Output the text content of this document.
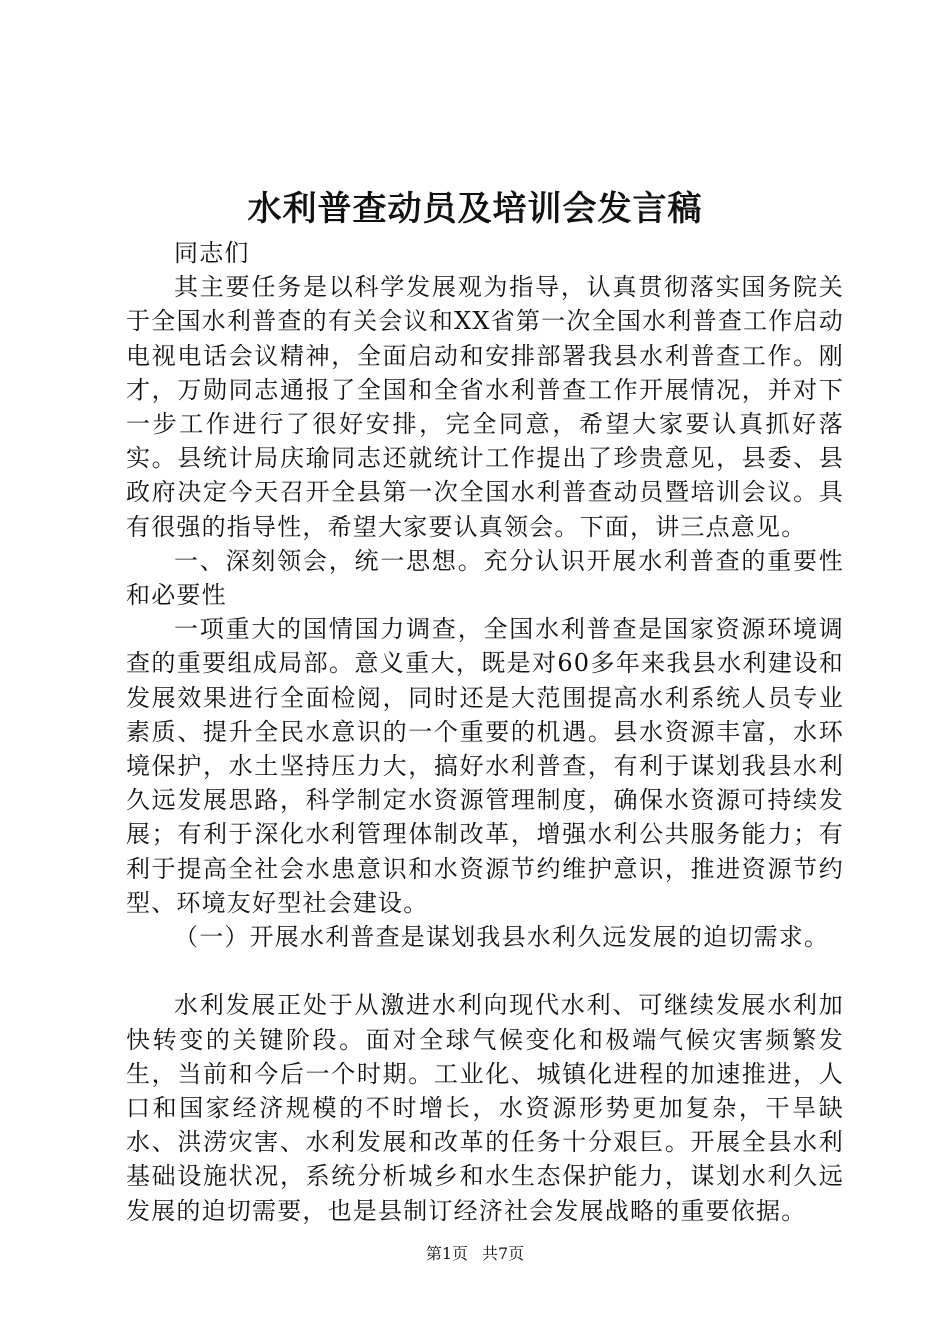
水利普查动员及培训会发言稿

同志们

其主要任务是以科学发展观为指导，认真贯彻落实国务院关于全国水利普查的有关会议和XX省第一次全国水利普查工作启动电视电话会议精神，全面启动和安排部署我县水利普查工作。刚才，万勋同志通报了全国和全省水利普查工作开展情况，并对下一步工作进行了很好安排，完全同意，希望大家要认真抓好落实。县统计局庆瑜同志还就统计工作提出了珍贵意见，县委、县政府决定今天召开全县第一次全国水利普查动员暨培训会议。具有很强的指导性，希望大家要认真领会。下面，讲三点意见。

一、深刻领会，统一思想。充分认识开展水利普查的重要性和必要性

一项重大的国情国力调查，全国水利普查是国家资源环境调查的重要组成局部。意义重大，既是对60多年来我县水利建设和发展效果进行全面检阅，同时还是大范围提高水利系统人员专业素质、提升全民水意识的一个重要的机遇。县水资源丰富，水环境保护，水土坚持压力大，搞好水利普查，有利于谋划我县水利久远发展思路，科学制定水资源管理制度，确保水资源可持续发展；有利于深化水利管理体制改革，增强水利公共服务能力；有利于提高全社会水患意识和水资源节约维护意识，推进资源节约型、环境友好型社会建设。

（一）开展水利普查是谋划我县水利久远发展的迫切需求。

水利发展正处于从激进水利向现代水利、可继续发展水利加快转变的关键阶段。面对全球气候变化和极端气候灾害频繁发生，当前和今后一个时期。工业化、城镇化进程的加速推进，人口和国家经济规模的不时增长，水资源形势更加复杂，干旱缺水、洪涝灾害、水利发展和改革的任务十分艰巨。开展全县水利基础设施状况，系统分析城乡和水生态保护能力，谋划水利久远发展的迫切需要，也是县制订经济社会发展战略的重要依据。

第1页 共7页
